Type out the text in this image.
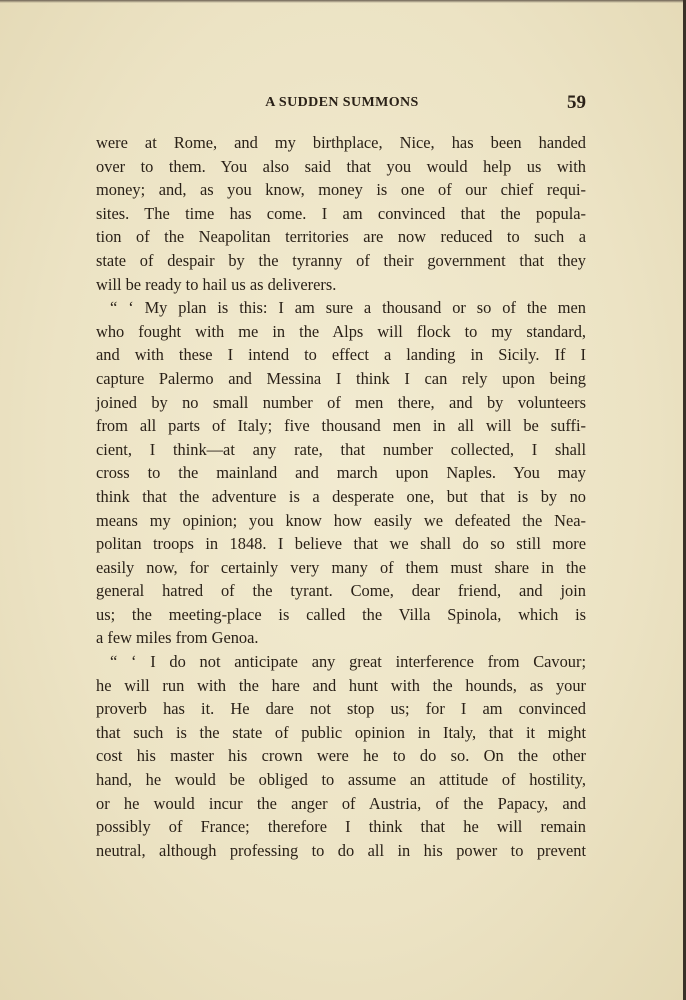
A SUDDEN SUMMONS	59
were at Rome, and my birthplace, Nice, has been handed
over to them. You also said that you would help us with
money; and, as you know, money is one of our chief requi-
sites. The time has come. I am convinced that the popula-
tion of the Neapolitan territories are now reduced to such a
state of despair by the tyranny of their government that they
will be ready to hail us as deliverers.
“ ‘ My plan is this: I am sure a thousand or so of the men
who fought with me in the Alps will flock to my standard,
and with these I intend to effect a landing in Sicily. If I
capture Palermo and Messina I think I can rely upon being
joined by no small number of men there, and by volunteers
from all parts of Italy; five thousand men in all will be suffi-
cient, I think—at any rate, that number collected, I shall
cross to the mainland and march upon Naples. You may
think that the adventure is a desperate one, but that is by no
means my opinion; you know how easily we defeated the Nea-
politan troops in 1848. I believe that we shall do so still more
easily now, for certainly very many of them must share in the
general hatred of the tyrant. Come, dear friend, and join
us; the meeting-place is called the Villa Spinola, which is
a few miles from Genoa.
“ ‘ I do not anticipate any great interference from Cavour;
he will run with the hare and hunt with the hounds, as your
proverb has it. He dare not stop us; for I am convinced
that such is the state of public opinion in Italy, that it might
cost his master his crown were he to do so. On the other
hand, he would be obliged to assume an attitude of hostility,
or he would incur the anger of Austria, of the Papacy, and
possibly of France; therefore I think that he will remain
neutral, although professing to do all in his power to prevent
